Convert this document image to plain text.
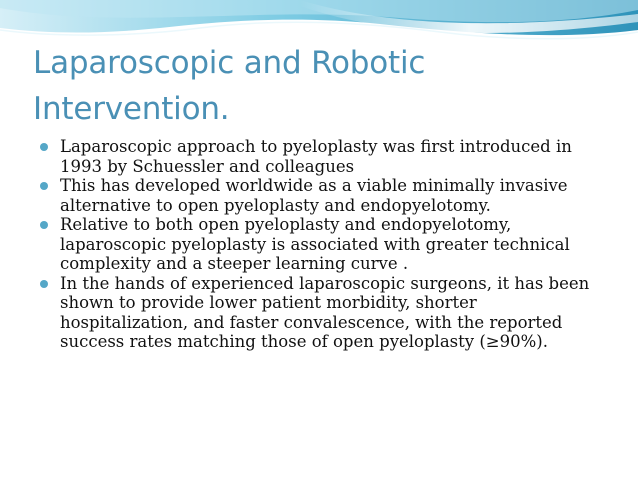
Laparoscopic and Robotic
Intervention.
Laparoscopic approach to pyeloplasty was first introduced in 1993 by Schuessler and colleagues
This has developed worldwide as a viable minimally invasive alternative to open pyeloplasty and endopyelotomy.
Relative to both open pyeloplasty and endopyelotomy, laparoscopic pyeloplasty is associated with greater technical complexity and a steeper learning curve .
In the hands of experienced laparoscopic surgeons, it has been shown to provide lower patient morbidity, shorter hospitalization, and faster convalescence, with the reported success rates matching those of open pyeloplasty (≥90%).
